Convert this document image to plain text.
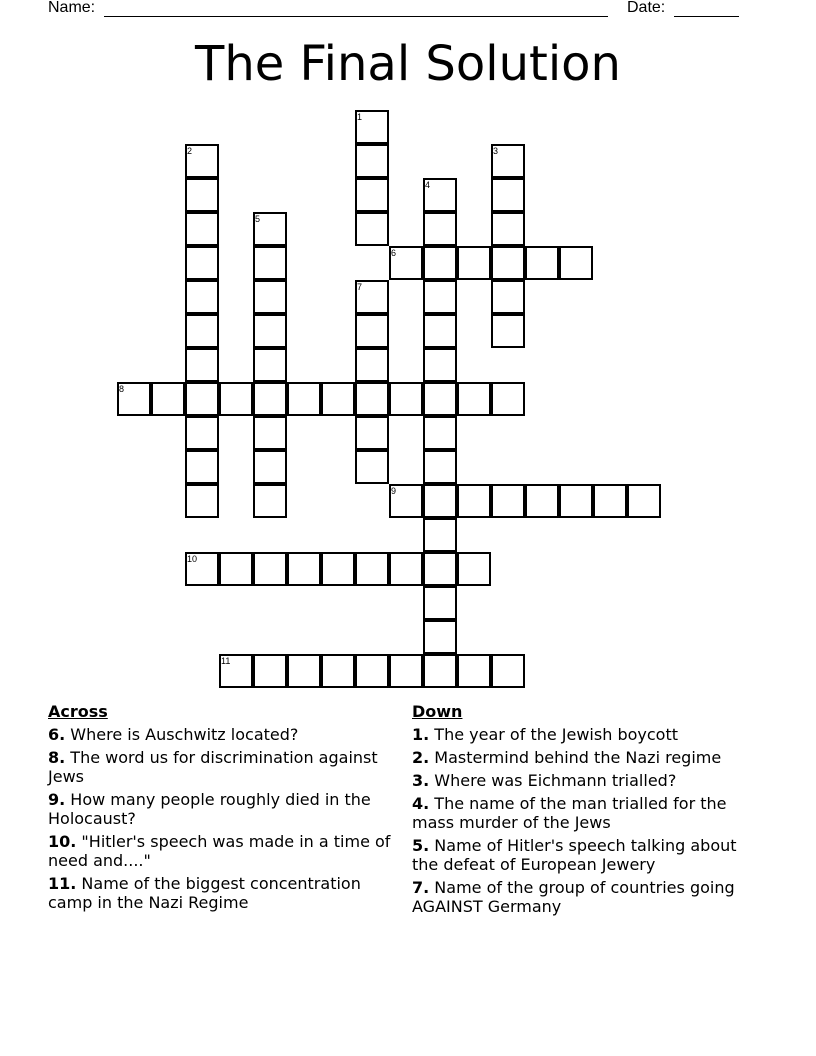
Name:	Date:
The Final Solution
1
2	3
4
5
6
7
8
9
10
11
Across
6. Where is Auschwitz located?
8. The word us for discrimination against Jews
9. How many people roughly died in the Holocaust?
10. "Hitler's speech was made in a time of need and...."
11. Name of the biggest concentration camp in the Nazi Regime
Down
1. The year of the Jewish boycott
2. Mastermind behind the Nazi regime
3. Where was Eichmann trialled?
4. The name of the man trialled for the mass murder of the Jews
5. Name of Hitler's speech talking about the defeat of European Jewery
7. Name of the group of countries going AGAINST Germany
